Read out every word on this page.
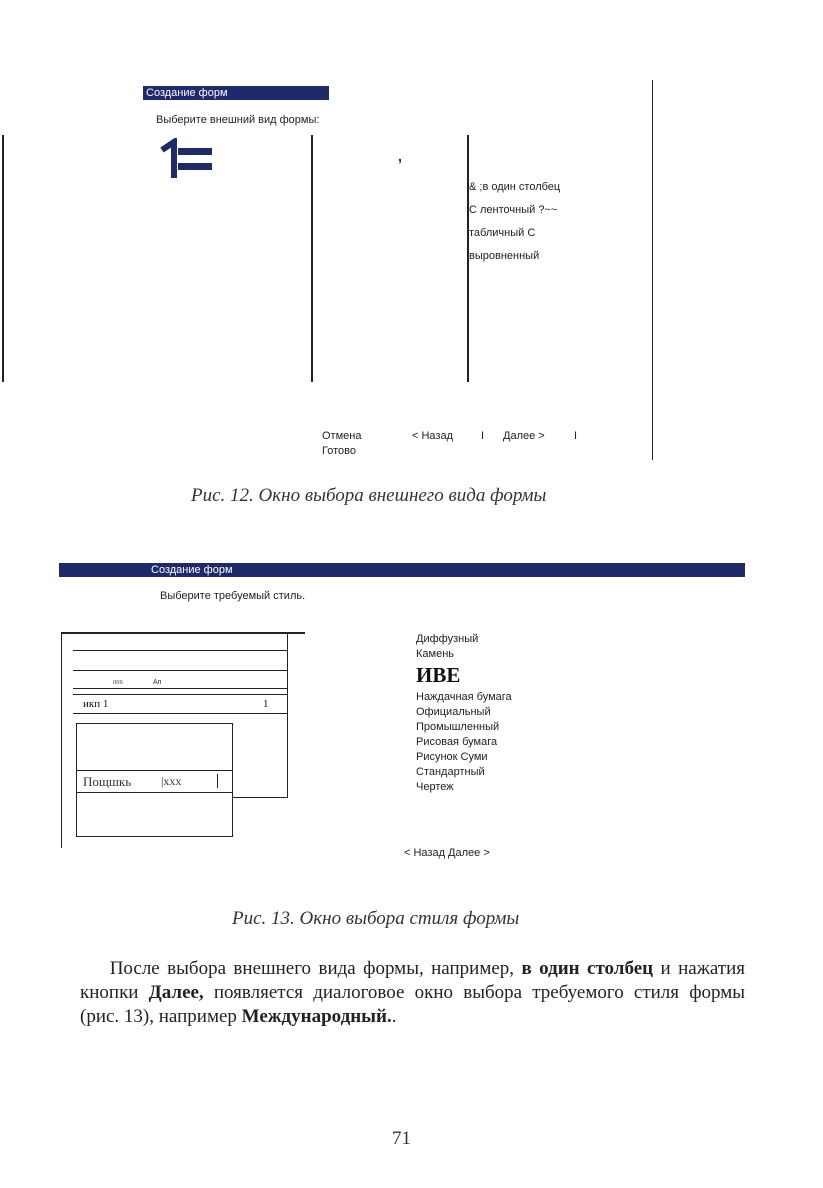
Создание форм
Выберите внешний вид формы:
,
& ;в один столбец
С ленточный ?~~
табличный С
выровненный
Отмена	< Назад	I Далее >	I
Готово
Рис. 12. Окно выбора внешнего вида формы
Создание форм
Выберите требуемый стиль.
ппп	Ап
икп 1	1
Пощшкь |ххх
Диффузный
Камень
ИВЕ
Наждачная бумага
Официальный
Промышленный
Рисовая бумага
Рисунок Суми
Стандартный
Чертеж
< Назад Далее >
Рис. 13. Окно выбора стиля формы
После выбора внешнего вида формы, например, в один столбец и нажатия кнопки Далее, появляется диалоговое окно выбора требуемого стиля формы (рис. 13), например Международный..
71
